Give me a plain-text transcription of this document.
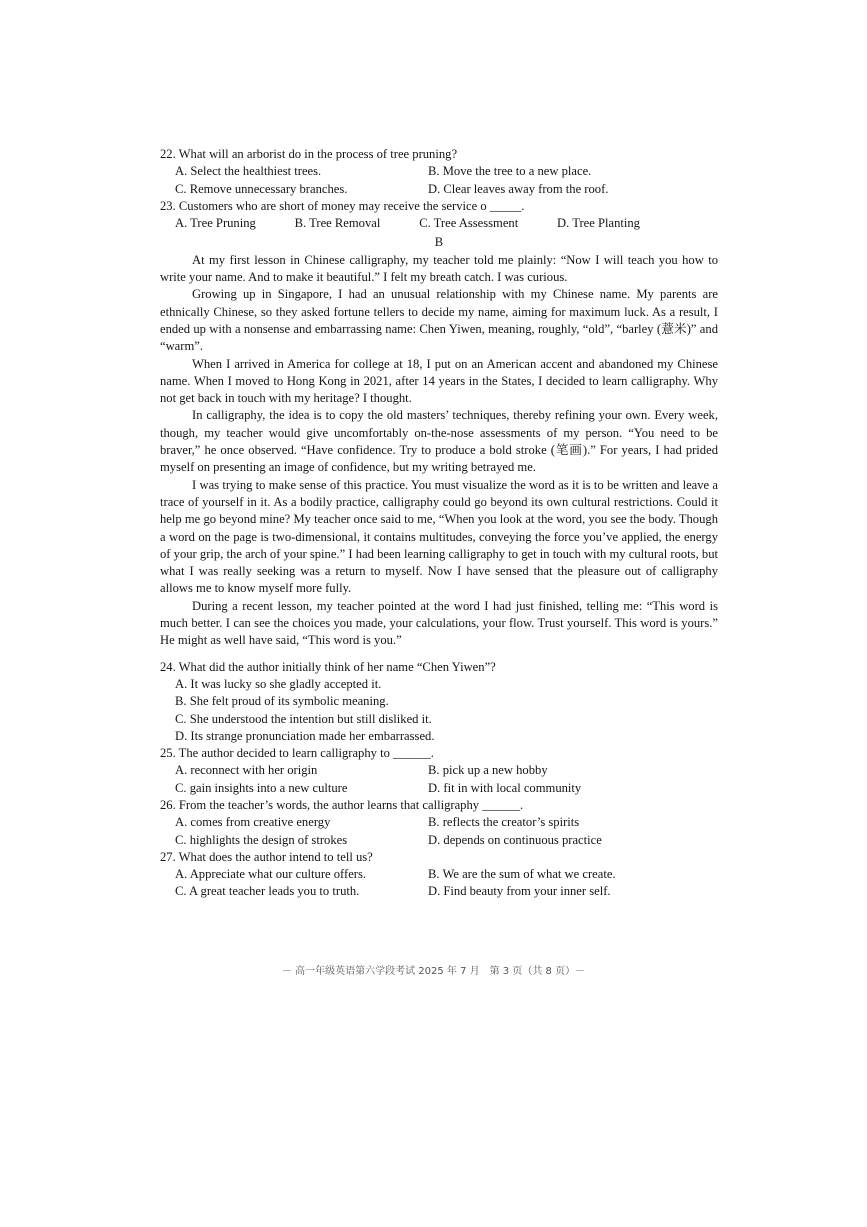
22. What will an arborist do in the process of tree pruning?

A. Select the healthiest trees.	B. Move the tree to a new place.
C. Remove unnecessary branches.	D. Clear leaves away from the roof.

23. Customers who are short of money may receive the service o _____.

A. Tree Pruning	B. Tree Removal	C. Tree Assessment	D. Tree Planting

B

At my first lesson in Chinese calligraphy, my teacher told me plainly: “Now I will teach you how to write your name. And to make it beautiful.” I felt my breath catch. I was curious.

Growing up in Singapore, I had an unusual relationship with my Chinese name. My parents are ethnically Chinese, so they asked fortune tellers to decide my name, aiming for maximum luck. As a result, I ended up with a nonsense and embarrassing name: Chen Yiwen, meaning, roughly, “old”, “barley (薏米)” and “warm”.

When I arrived in America for college at 18, I put on an American accent and abandoned my Chinese name. When I moved to Hong Kong in 2021, after 14 years in the States, I decided to learn calligraphy. Why not get back in touch with my heritage? I thought.

In calligraphy, the idea is to copy the old masters’ techniques, thereby refining your own. Every week, though, my teacher would give uncomfortably on-the-nose assessments of my person. “You need to be braver,” he once observed. “Have confidence. Try to produce a bold stroke (笔画).” For years, I had prided myself on presenting an image of confidence, but my writing betrayed me.

I was trying to make sense of this practice. You must visualize the word as it is to be written and leave a trace of yourself in it. As a bodily practice, calligraphy could go beyond its own cultural restrictions. Could it help me go beyond mine? My teacher once said to me, “When you look at the word, you see the body. Though a word on the page is two-dimensional, it contains multitudes, conveying the force you’ve applied, the energy of your grip, the arch of your spine.” I had been learning calligraphy to get in touch with my cultural roots, but what I was really seeking was a return to myself. Now I have sensed that the pleasure out of calligraphy allows me to know myself more fully.

During a recent lesson, my teacher pointed at the word I had just finished, telling me: “This word is much better. I can see the choices you made, your calculations, your flow. Trust yourself. This word is yours.” He might as well have said, “This word is you.”

24. What did the author initially think of her name “Chen Yiwen”?

A. It was lucky so she gladly accepted it.
B. She felt proud of its symbolic meaning.
C. She understood the intention but still disliked it.
D. Its strange pronunciation made her embarrassed.

25. The author decided to learn calligraphy to ______.

A. reconnect with her origin	B. pick up a new hobby
C. gain insights into a new culture	D. fit in with local community

26. From the teacher’s words, the author learns that calligraphy ______.

A. comes from creative energy	B. reflects the creator’s spirits
C. highlights the design of strokes	D. depends on continuous practice

27. What does the author intend to tell us?

A. Appreciate what our culture offers.	B. We are the sum of what we create.
C. A great teacher leads you to truth.	D. Find beauty from your inner self.
－ 高一年级英语第六学段考试 2025 年 7 月　第 3 页（共 8 页）－
